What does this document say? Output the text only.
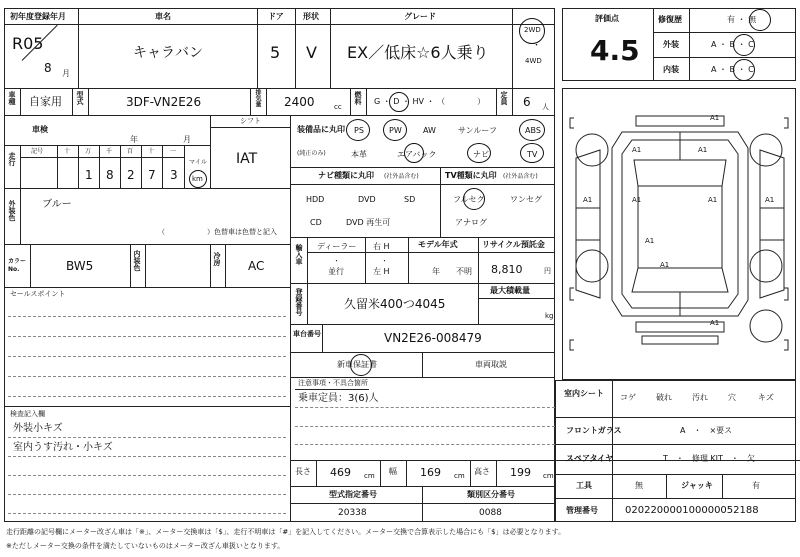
初年度登録年月
R05
8 月
車名
キャラバン
ドア
5
形状
V
グレード
EX／低床☆6人乗り
2WD
・
4WD
車種 自家用 型式	3DF-VN2E26	排気量 2400	cc
燃料 G ・ D ・ HV ・ （　　　　） 定員 6 人
車検
年	月
シフト
IAT
走行
記号	十 万 千 百 十	一
1 8 2 7 3
マイル
km
外装色	ブルー
（　　　　　　）色替車は色替と記入
カラーNo.	BW5	内装色	冷房 AC
セールスポイント
検査記入欄
外装小キズ
室内うす汚れ・小キズ
装備品に丸印
(純正のみ)
PS	PW	AW	サンルーフ	ABS
本革	エアバック	ナビ	TV
ナビ種類に丸印 (社外品含む)
HDD	DVD	SD
CD	DVD 再生可
TV種類に丸印 (社外品含む)
フルセグ	ワンセグ
アナログ
輸入車 ディーラー
・
並行
右 H
・
左 H
モデル年式
年 不明
リサイクル預託金
8,810	円
登録番号	久留米400つ4045
最大積載量
kg
車台番号	VN2E26-008479
新車保証書	車両取説
注意事項・不具合箇所
乗車定員：3(6)人
長さ 469 cm 幅 169 cm 高さ 199 cm
型式指定番号
20338
類別区分番号
0088
評価点
4.5
修復歴	有 ・ 無
外装	A ・ B ・ C
内装	A ・ B ・ C
A1
A1	A1
A1	A1	A1	A1
A1
A1
A1
室内シート コゲ	破れ	汚れ	穴	キズ
フロントガラス	A　・　×要ス
スペアタイヤ	T　・　修理 KIT　・　欠
工具	無	ジャッキ	有
管理番号	020220000100000052188
走行距離の記号欄にメーター改ざん車は「※」、メーター交換車は「$」、走行不明車は「#」を記入してください。メーター交換で合算表示した場合にも「$」は必要となります。
※ただしメーター交換の条件を満たしていないものはメーター改ざん車扱いとなります。
